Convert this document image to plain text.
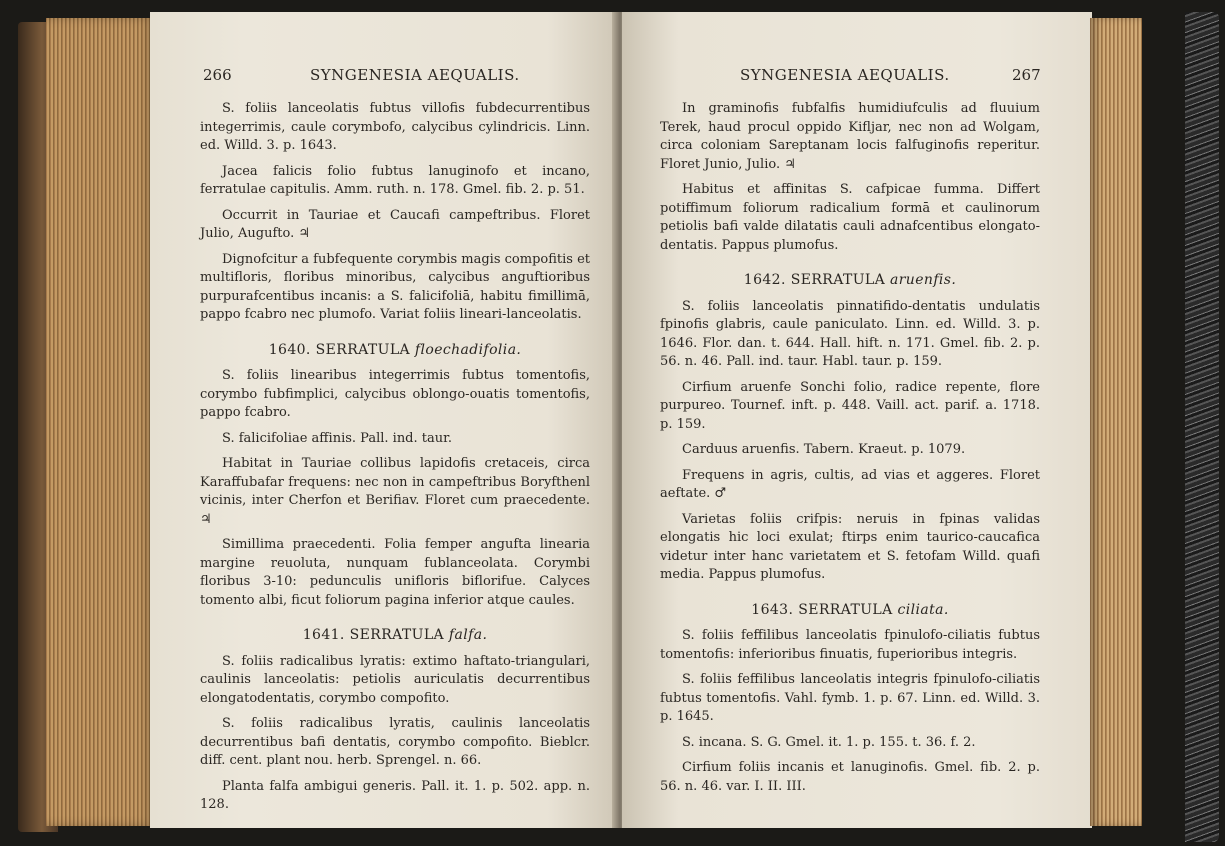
266	SYNGENESIA AEQUALIS.	SYNGENESIA AEQUALIS.	267

S. foliis lanceolatis fubtus villofis fubdecurrentibus integerrimis, caule corymbofo, calycibus cylindricis. Linn. ed. Willd. 3. p. 1643.

Jacea falicis folio fubtus lanuginofo et incano, ferratulae capitulis. Amm. ruth. n. 178. Gmel. fib. 2. p. 51.

Occurrit in Tauriae et Caucafi campeftribus. Floret Julio, Augufto. ♃

Dignofcitur a fubfequente corymbis magis compofitis et multifloris, floribus minoribus, calycibus anguftioribus purpurafcentibus incanis: a S. falicifoliā, habitu fimillimā, pappo fcabro nec plumofo. Variat foliis lineari-lanceolatis.

1640. SERRATULA floechadifolia.

S. foliis linearibus integerrimis fubtus tomentofis, corymbo fubfimplici, calycibus oblongo-ouatis tomentofis, pappo fcabro.

S. falicifoliae affinis. Pall. ind. taur.

Habitat in Tauriae collibus lapidofis cretaceis, circa Karaffubafar frequens: nec non in campeftribus Boryfthenl vicinis, inter Cherfon et Berifiav. Floret cum praecedente. ♃

Simillima praecedenti. Folia femper angufta linearia margine reuoluta, nunquam fublanceolata. Corymbi floribus 3-10: pedunculis unifloris biflorifue. Calyces tomento albi, ficut foliorum pagina inferior atque caules.

1641. SERRATULA falfa.

S. foliis radicalibus lyratis: extimo haftato-triangulari, caulinis lanceolatis: petiolis auriculatis decurrentibus elongatodentatis, corymbo compofito.

S. foliis radicalibus lyratis, caulinis lanceolatis decurrentibus bafi dentatis, corymbo compofito. Bieblcr. diff. cent. plant nou. herb. Sprengel. n. 66.

Planta falfa ambigui generis. Pall. it. 1. p. 502. app. n. 128.

In graminofis fubfalfis humidiufculis ad fluuium Terek, haud procul oppido Kifljar, nec non ad Wolgam, circa coloniam Sareptanam locis falfuginofis reperitur. Floret Junio, Julio. ♃

Habitus et affinitas S. cafpicae fumma. Differt potiffimum foliorum radicalium formā et caulinorum petiolis bafi valde dilatatis cauli adnafcentibus elongato-dentatis. Pappus plumofus.

1642. SERRATULA aruenfis.

S. foliis lanceolatis pinnatifido-dentatis undulatis fpinofis glabris, caule paniculato. Linn. ed. Willd. 3. p. 1646. Flor. dan. t. 644. Hall. hift. n. 171. Gmel. fib. 2. p. 56. n. 46. Pall. ind. taur. Habl. taur. p. 159.

Cirfium aruenfe Sonchi folio, radice repente, flore purpureo. Tournef. inft. p. 448. Vaill. act. parif. a. 1718. p. 159.

Carduus aruenfis. Tabern. Kraeut. p. 1079.

Frequens in agris, cultis, ad vias et aggeres. Floret aeftate. ♂

Varietas foliis crifpis: neruis in fpinas validas elongatis hic loci exulat; ftirps enim taurico-caucafica videtur inter hanc varietatem et S. fetofam Willd. quafi media. Pappus plumofus.

1643. SERRATULA ciliata.

S. foliis feffilibus lanceolatis fpinulofo-ciliatis fubtus tomentofis: inferioribus finuatis, fuperioribus integris.

S. foliis feffilibus lanceolatis integris fpinulofo-ciliatis fubtus tomentofis. Vahl. fymb. 1. p. 67. Linn. ed. Willd. 3. p. 1645.

S. incana. S. G. Gmel. it. 1. p. 155. t. 36. f. 2.

Cirfium foliis incanis et lanuginofis. Gmel. fib. 2. p. 56. n. 46. var. I. II. III.
